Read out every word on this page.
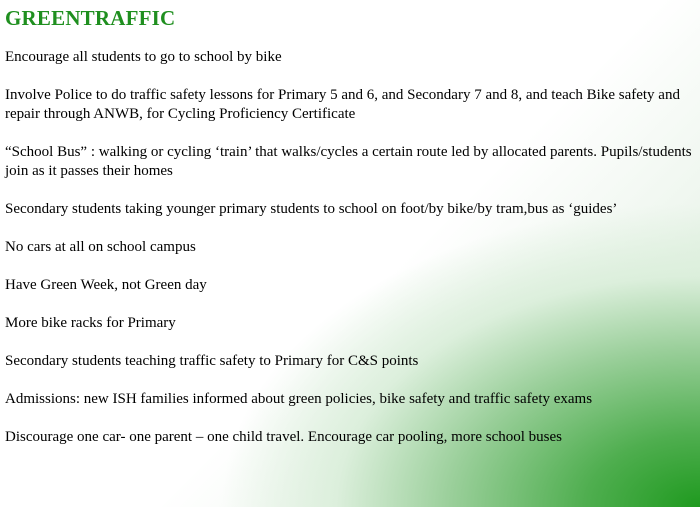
GREENTRAFFIC
Encourage all students to go to school by bike
Involve Police to do traffic safety lessons for Primary 5 and 6, and Secondary 7 and 8, and teach Bike safety and repair through ANWB, for Cycling Proficiency Certificate
“School Bus” : walking or cycling ‘train’ that walks/cycles a certain route led by allocated parents. Pupils/students join as it passes their homes
Secondary students taking younger primary students to school on foot/by bike/by tram,bus as ‘guides’
No cars at all on school campus
Have Green Week, not Green day
More bike racks for Primary
Secondary students teaching traffic safety to Primary for C&S points
Admissions: new ISH families informed about green policies, bike safety and traffic safety exams
Discourage one car- one parent – one child travel. Encourage car pooling, more school buses
